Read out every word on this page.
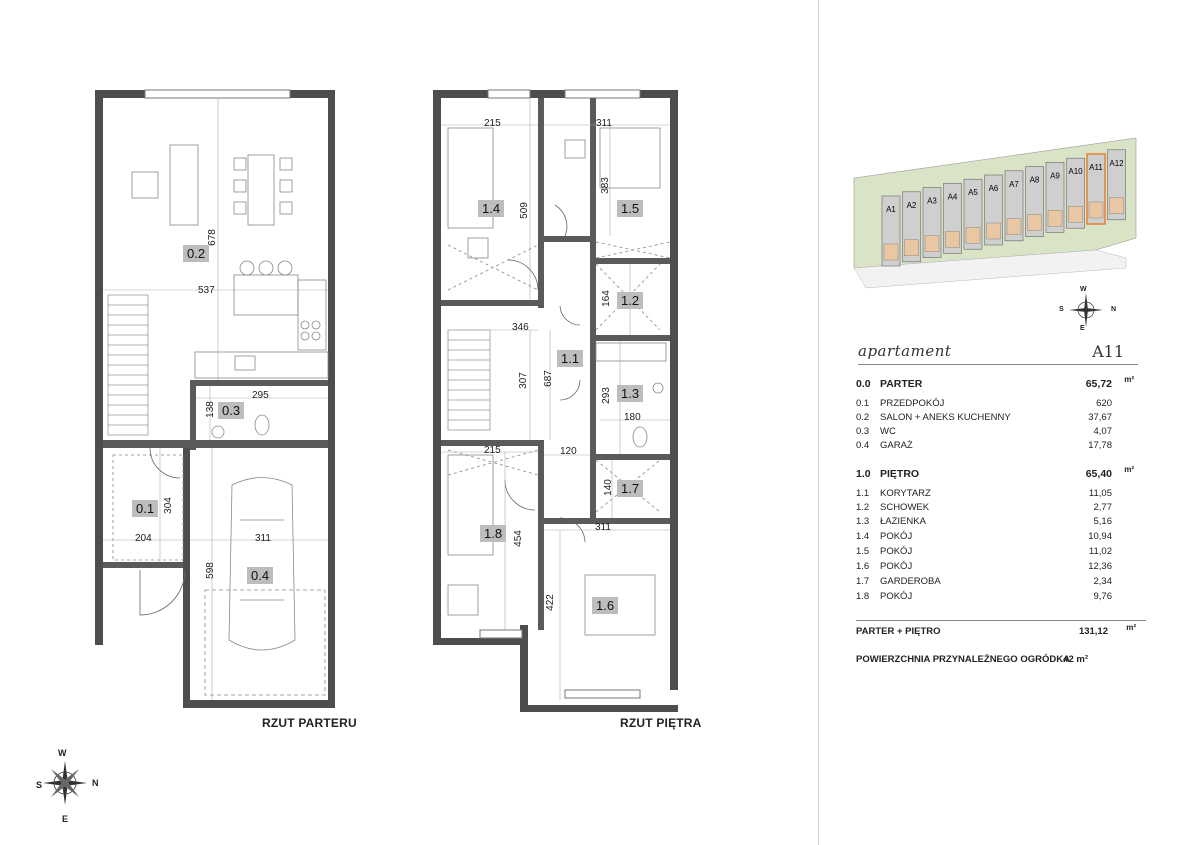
W
N
S
E
0.2
537
678
0.3
295
138
0.1 304
204
0.4
311
598
RZUT PARTERU
215	311
1.4	509	1.5
383
1.2
164
346
1.1
307 687
120
1.3
293
180
215
1.7
140
311
1.8	454
1.6
422
RZUT PIĘTRA
A1 A2 A3 A4 A5 A6 A7 A8 A9 A10 A11 A12
W
N
S
E
apartament	A11
0.0 PARTER	65,72 m²
0.1 PRZEDPOKÓJ	620
0.2 SALON + ANEKS KUCHENNY	37,67
0.3 WC	4,07
0.4 GARAŻ	17,78
1.0 PIĘTRO	65,40 m²
1.1 KORYTARZ	11,05
1.2 SCHOWEK	2,77
1.3 ŁAZIENKA	5,16
1.4 POKÓJ	10,94
1.5 POKÓJ	11,02
1.6 POKÓJ	12,36
1.7 GARDEROBA	2,34
1.8 POKÓJ	9,76
PARTER + PIĘTRO	131,12 m²
POWIERZCHNIA PRZYNALEŻNEGO OGRÓDKA
42 m²
